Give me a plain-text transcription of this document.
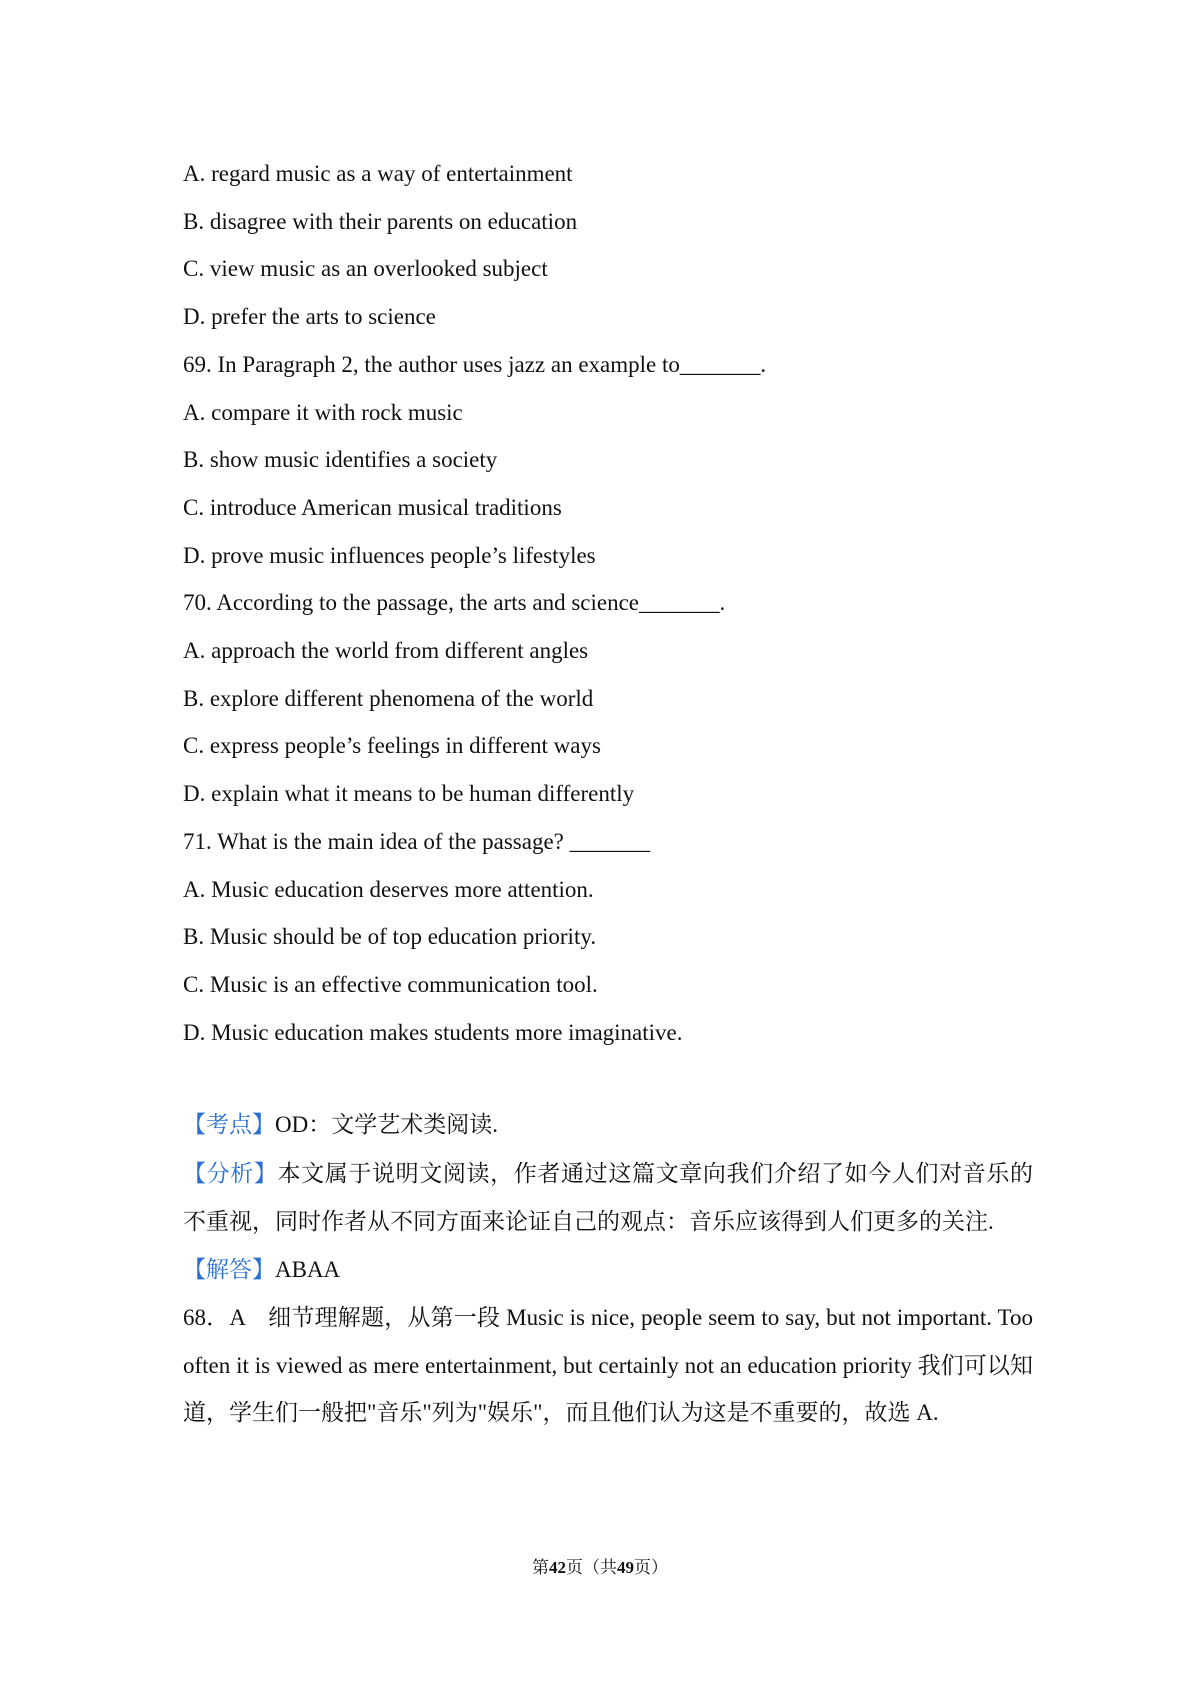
A. regard music as a way of entertainment
B. disagree with their parents on education
C. view music as an overlooked subject
D. prefer the arts to science
69. In Paragraph 2, the author uses jazz an example to_______.
A. compare it with rock music
B. show music identifies a society
C. introduce American musical traditions
D. prove music influences people’s lifestyles
70. According to the passage, the arts and science_______.
A. approach the world from different angles
B. explore different phenomena of the world
C. express people’s feelings in different ways
D. explain what it means to be human differently
71. What is the main idea of the passage? _______
A. Music education deserves more attention.
B. Music should be of top education priority.
C. Music is an effective communication tool.
D. Music education makes students more imaginative.
【考点】OD：文学艺术类阅读.
【分析】本文属于说明文阅读，作者通过这篇文章向我们介绍了如今人们对音乐的不重视，同时作者从不同方面来论证自己的观点：音乐应该得到人们更多的关注.
【解答】ABAA
68．A　细节理解题，从第一段 Music is nice, people seem to say, but not important. Too often it is viewed as mere entertainment, but certainly not an education priority 我们可以知道，学生们一般把"音乐"列为"娱乐"，而且他们认为这是不重要的，故选 A.
第42页（共49页）
